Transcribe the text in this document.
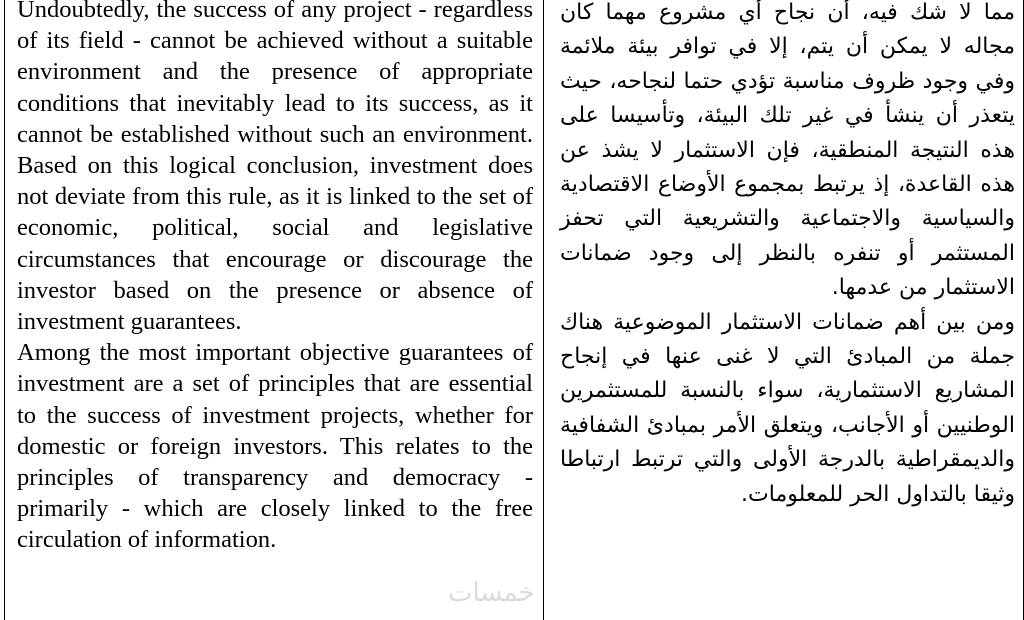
Undoubtedly, the success of any project - regardless of its field - cannot be achieved without a suitable environment and the presence of appropriate conditions that inevitably lead to its success, as it cannot be established without such an environment. Based on this logical conclusion, investment does not deviate from this rule, as it is linked to the set of economic, political, social and legislative circumstances that encourage or discourage the investor based on the presence or absence of investment guarantees.

Among the most important objective guarantees of investment are a set of principles that are essential to the success of investment projects, whether for domestic or foreign investors. This relates to the principles of transparency and democracy - primarily - which are closely linked to the free circulation of information.

مما لا شك فيه، أن نجاح أي مشروع مهما كان مجاله لا يمكن أن يتم، إلا في توافر بيئة ملائمة وفي وجود ظروف مناسبة تؤدي حتما لنجاحه، حيث يتعذر أن ينشأ في غير تلك البيئة، وتأسيسا على هذه النتيجة المنطقية، فإن الاستثمار لا يشذ عن هذه القاعدة، إذ يرتبط بمجموع الأوضاع الاقتصادية والسياسية والاجتماعية والتشريعية التي تحفز المستثمر أو تنفره بالنظر إلى وجود ضمانات الاستثمار من عدمها.

ومن بين أهم ضمانات الاستثمار الموضوعية هناك جملة من المبادئ التي لا غنى عنها في إنجاح المشاريع الاستثمارية، سواء بالنسبة للمستثمرين الوطنيين أو الأجانب، ويتعلق الأمر بمبادئ الشفافية والديمقراطية بالدرجة الأولى والتي ترتبط ارتباطا وثيقا بالتداول الحر للمعلومات.

خمسات
